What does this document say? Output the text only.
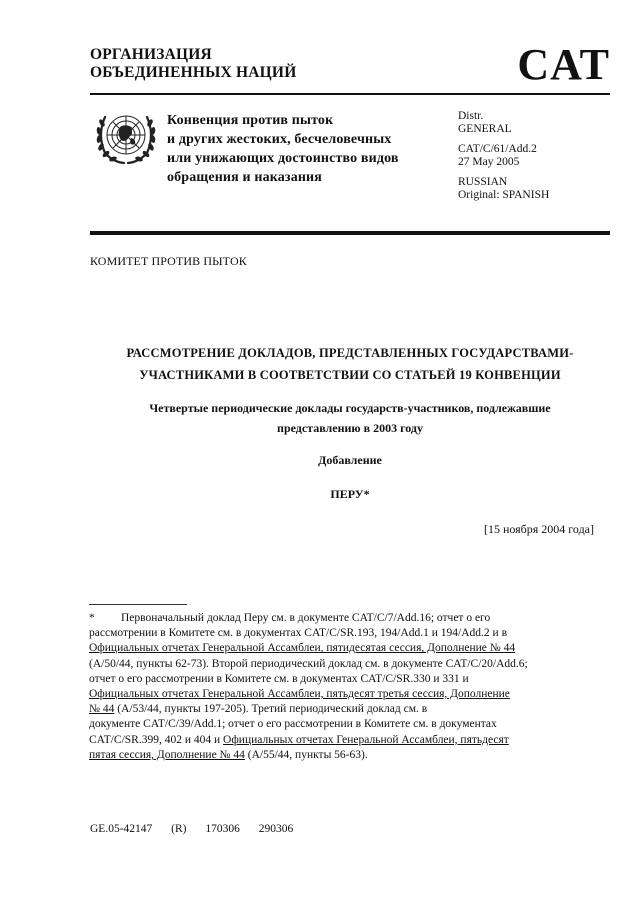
ОРГАНИЗАЦИЯ
ОБЪЕДИНЕННЫХ НАЦИЙ	CAT
Конвенция против пыток
и других жестоких, бесчеловечных
или унижающих достоинство видов
обращения и наказания
Distr.
GENERAL
CAT/C/61/Add.2
27 May 2005
RUSSIAN
Original: SPANISH
КОМИТЕТ ПРОТИВ ПЫТОК
РАССМОТРЕНИЕ ДОКЛАДОВ, ПРЕДСТАВЛЕННЫХ ГОСУДАРСТВАМИ-
УЧАСТНИКАМИ В СООТВЕТСТВИИ СО СТАТЬЕЙ 19 КОНВЕНЦИИ
Четвертые периодические доклады государств-участников, подлежавшие
представлению в 2003 году
Добавление
ПЕРУ*
[15 ноября 2004 года]
* Первоначальный доклад Перу см. в документе CAT/C/7/Add.16; отчет о его
рассмотрении в Комитете см. в документах CAT/C/SR.193, 194/Add.1 и 194/Add.2 и в
Официальных отчетах Генеральной Ассамблеи, пятидесятая сессия, Дополнение № 44
(A/50/44, пункты 62-73). Второй периодический доклад см. в документе CAT/C/20/Add.6;
отчет о его рассмотрении в Комитете см. в документах CAT/C/SR.330 и 331 и
Официальных отчетах Генеральной Ассамблеи, пятьдесят третья сессия, Дополнение
№ 44 (A/53/44, пункты 197-205). Третий периодический доклад см. в
документе CAT/C/39/Add.1; отчет о его рассмотрении в Комитете см. в документах
CAT/C/SR.399, 402 и 404 и Официальных отчетах Генеральной Ассамблеи, пятьдесят
пятая сессия, Дополнение № 44 (A/55/44, пункты 56-63).
GE.05-42147 (R) 170306 290306
